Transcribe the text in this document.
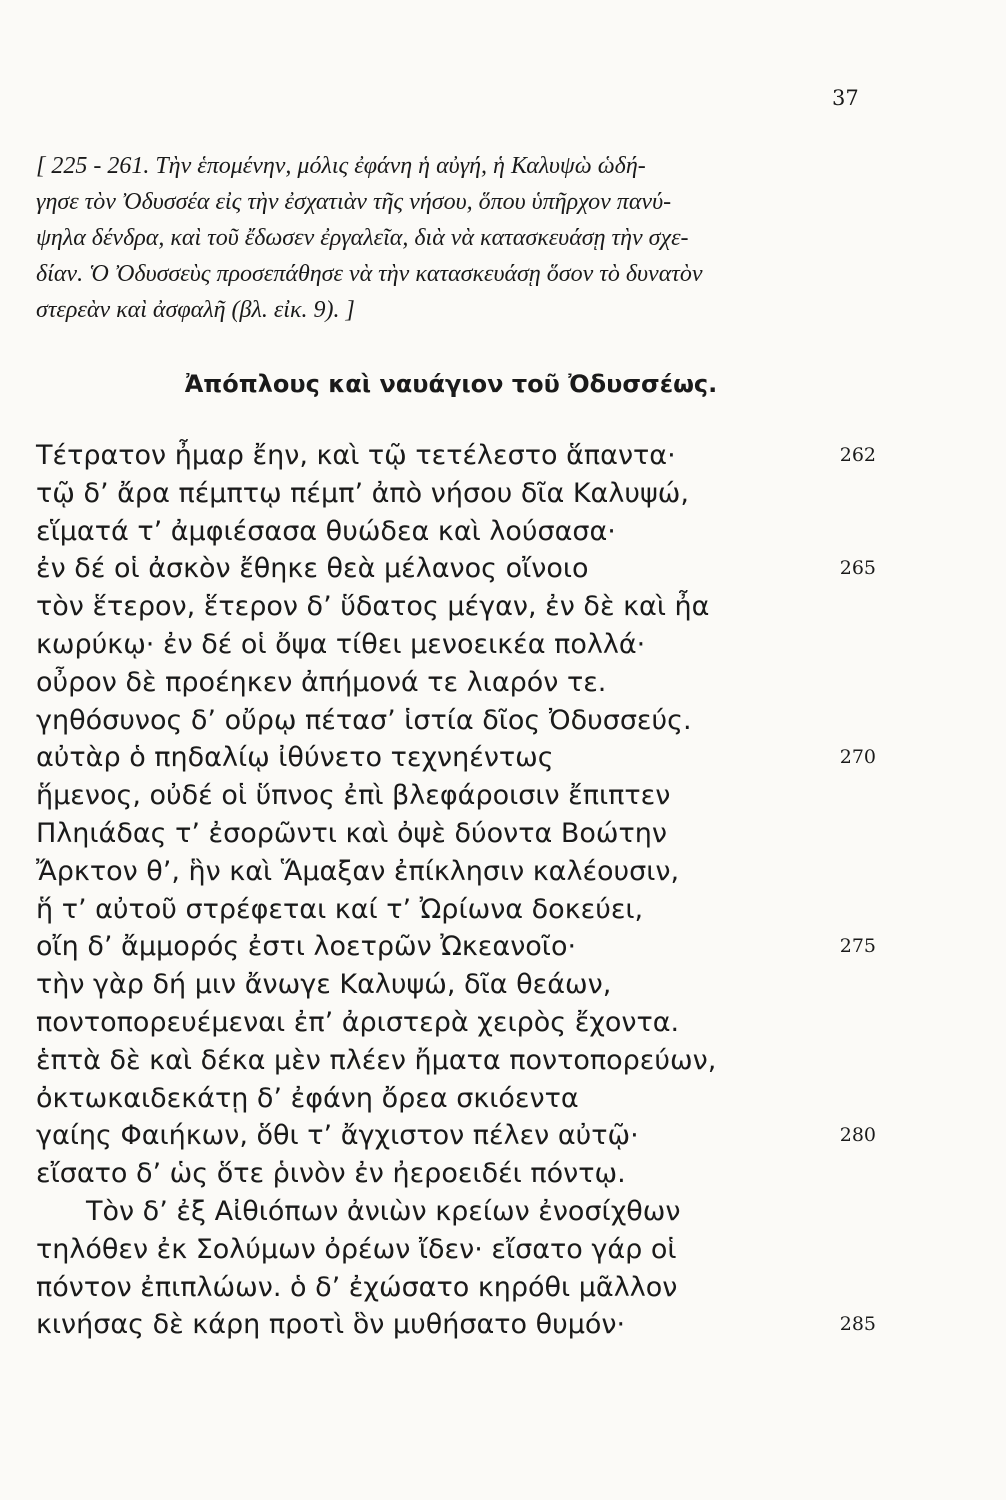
37
[ 225 - 261. Τὴν ἑπομένην, μόλις ἐφάνη ἡ αὐγή, ἡ Καλυψὼ ὡδή-
γησε τὸν Ὀδυσσέα εἰς τὴν ἐσχατιὰν τῆς νήσου, ὅπου ὑπῆρχον πανύ-
ψηλα δένδρα, καὶ τοῦ ἔδωσεν ἐργαλεῖα, διὰ νὰ κατασκευάσῃ τὴν σχε-
δίαν. Ὁ Ὀδυσσεὺς προσεπάθησε νὰ τὴν κατασκευάσῃ ὅσον τὸ δυνατὸν
στερεὰν καὶ ἀσφαλῆ (βλ. εἰκ. 9). ]
Ἀπόπλους καὶ ναυάγιον τοῦ Ὀδυσσέως.
Τέτρατον ἦμαρ ἔην, καὶ τῷ τετέλεστο ἅπαντα·	262
τῷ δ’ ἄρα πέμπτῳ πέμπ’ ἀπὸ νήσου δῖα Καλυψώ,
εἵματά τ’ ἀμφιέσασα θυώδεα καὶ λούσασα·
ἐν δέ οἱ ἀσκὸν ἔθηκε θεὰ μέλανος οἴνοιο	265
τὸν ἕτερον, ἕτερον δ’ ὕδατος μέγαν, ἐν δὲ καὶ ἦα
κωρύκῳ· ἐν δέ οἱ ὄψα τίθει μενοεικέα πολλά·
οὖρον δὲ προέηκεν ἀπήμονά τε λιαρόν τε.
γηθόσυνος δ’ οὔρῳ πέτασ’ ἱστία δῖος Ὀδυσσεύς.
αὐτὰρ ὁ πηδαλίῳ ἰθύνετο τεχνηέντως	270
ἥμενος, οὐδέ οἱ ὕπνος ἐπὶ βλεφάροισιν ἔπιπτεν
Πληιάδας τ’ ἐσορῶντι καὶ ὀψὲ δύοντα Βοώτην
Ἄρκτον θ’, ἣν καὶ Ἅμαξαν ἐπίκλησιν καλέουσιν,
ἥ τ’ αὐτοῦ στρέφεται καί τ’ Ὠρίωνα δοκεύει,
οἴη δ’ ἄμμορός ἐστι λοετρῶν Ὠκεανοῖο·	275
τὴν γὰρ δή μιν ἄνωγε Καλυψώ, δῖα θεάων,
ποντοπορευέμεναι ἐπ’ ἀριστερὰ χειρὸς ἔχοντα.
ἑπτὰ δὲ καὶ δέκα μὲν πλέεν ἤματα ποντοπορεύων,
ὀκτωκαιδεκάτῃ δ’ ἐφάνη ὄρεα σκιόεντα
γαίης Φαιήκων, ὅθι τ’ ἄγχιστον πέλεν αὐτῷ·	280
εἴσατο δ’ ὡς ὅτε ῥινὸν ἐν ἠεροειδέι πόντῳ.
Τὸν δ’ ἐξ Αἰθιόπων ἀνιὼν κρείων ἐνοσίχθων
τηλόθεν ἐκ Σολύμων ὀρέων ἴδεν· εἴσατο γάρ οἱ
πόντον ἐπιπλώων. ὁ δ’ ἐχώσατο κηρόθι μᾶλλον
κινήσας δὲ κάρη προτὶ ὃν μυθήσατο θυμόν·	285
